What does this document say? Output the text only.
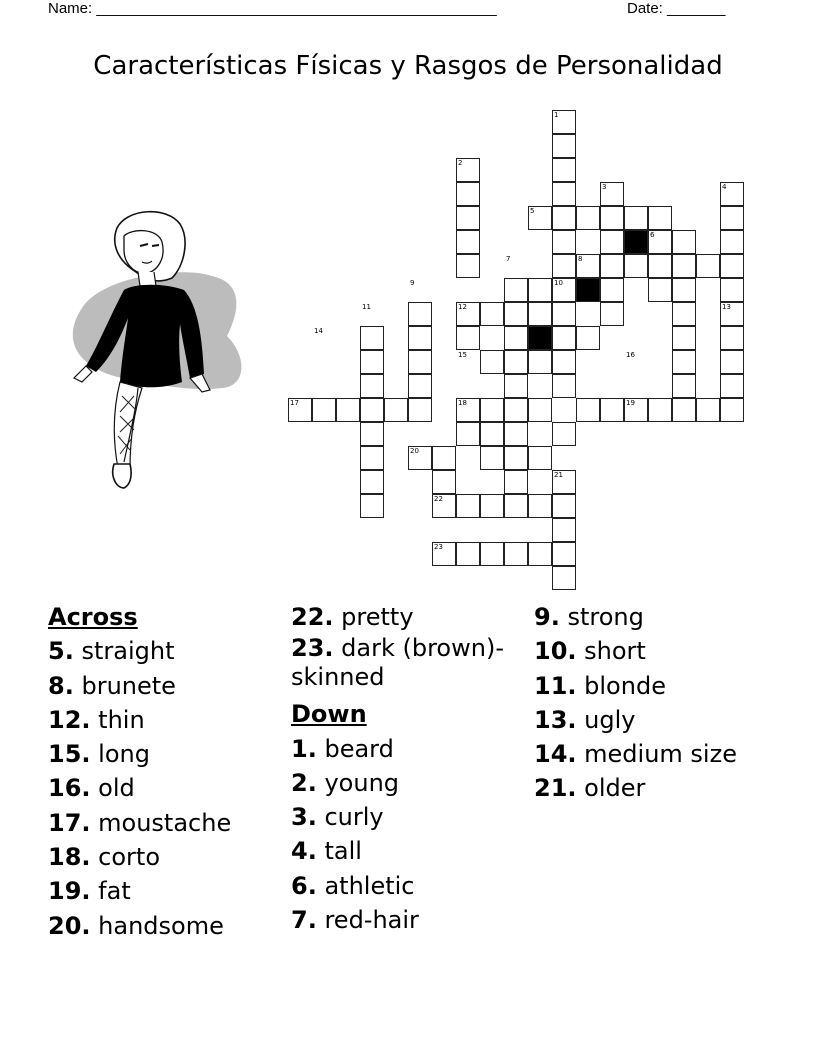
Name: ________________________________________________	Date: _______
Características Físicas y Rasgos de Personalidad
1
2
3	4
5
6
7	8
9	10
11	12	13
14
15	16
17	18	19
20
21
22
23
Across
5. straight
8. brunete
12. thin
15. long
16. old
17. moustache
18. corto
19. fat
20. handsome
22. pretty
23. dark (brown)-skinned
Down
1. beard
2. young
3. curly
4. tall
6. athletic
7. red-hair
9. strong
10. short
11. blonde
13. ugly
14. medium size
21. older
